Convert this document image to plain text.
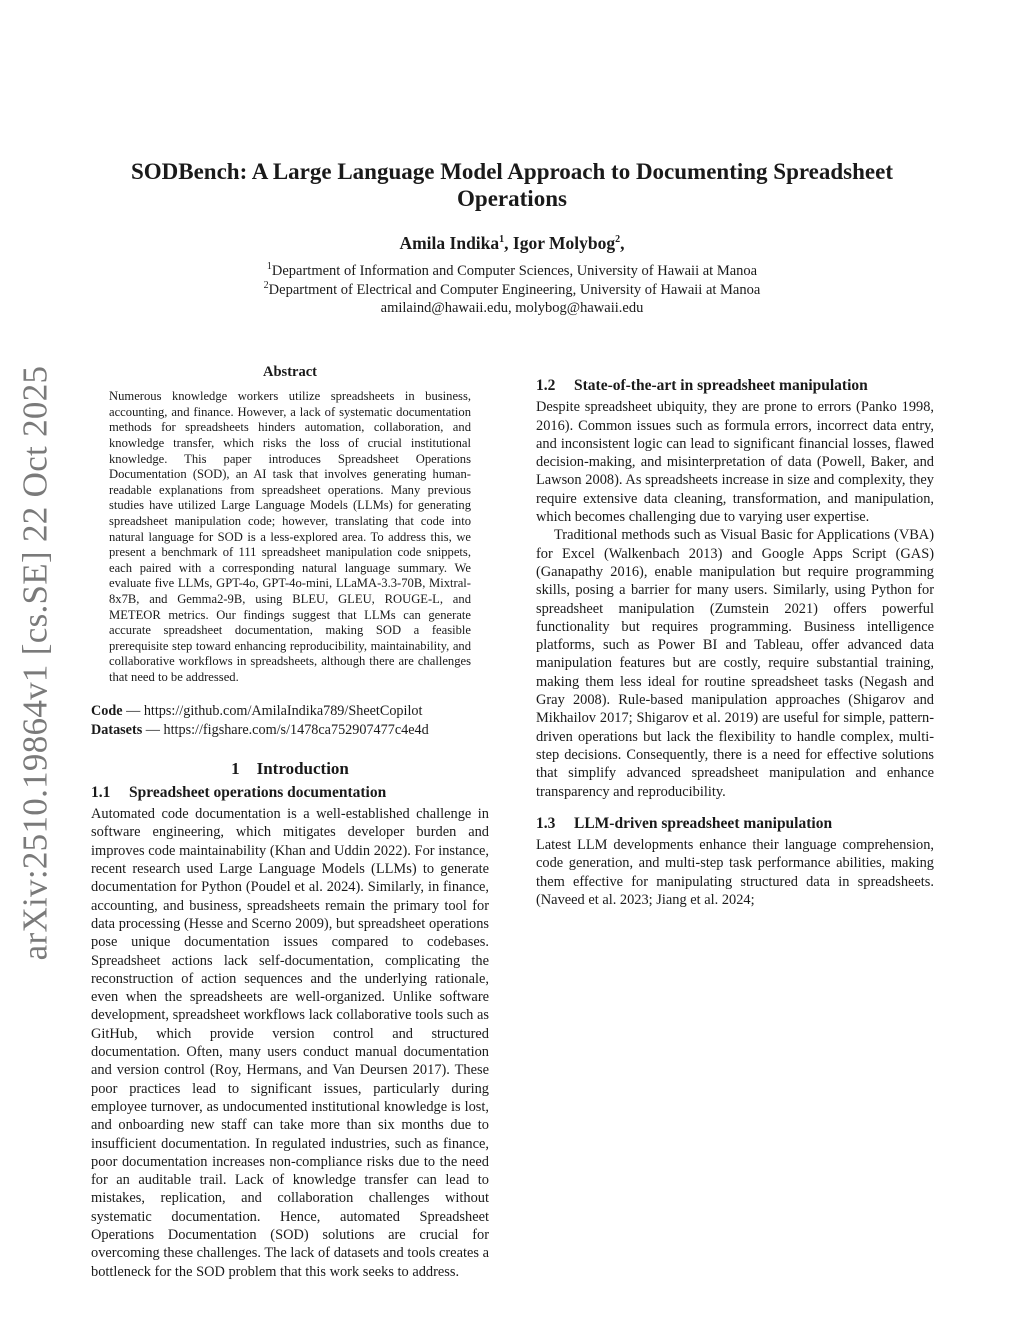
arXiv:2510.19864v1 [cs.SE] 22 Oct 2025
SODBench: A Large Language Model Approach to Documenting Spreadsheet Operations
Amila Indika$^1$, Igor Molybog$^2$,
$^1$Department of Information and Computer Sciences, University of Hawaii at Manoa
$^2$Department of Electrical and Computer Engineering, University of Hawaii at Manoa
amilaind@hawaii.edu, molybog@hawaii.edu
Abstract

Numerous knowledge workers utilize spreadsheets in business, accounting, and finance. However, a lack of systematic documentation methods for spreadsheets hinders automation, collaboration, and knowledge transfer, which risks the loss of crucial institutional knowledge. This paper introduces Spreadsheet Operations Documentation (SOD), an AI task that involves generating human-readable explanations from spreadsheet operations. Many previous studies have utilized Large Language Models (LLMs) for generating spreadsheet manipulation code; however, translating that code into natural language for SOD is a less-explored area. To address this, we present a benchmark of 111 spreadsheet manipulation code snippets, each paired with a corresponding natural language summary. We evaluate five LLMs, GPT-4o, GPT-4o-mini, LLaMA-3.3-70B, Mixtral-8x7B, and Gemma2-9B, using BLEU, GLEU, ROUGE-L, and METEOR metrics. Our findings suggest that LLMs can generate accurate spreadsheet documentation, making SOD a feasible prerequisite step toward enhancing reproducibility, maintainability, and collaborative workflows in spreadsheets, although there are challenges that need to be addressed.

Code — https://github.com/AmilaIndika789/SheetCopilot

Datasets — https://figshare.com/s/1478ca752907477c4e4d

1 Introduction
1.1 Spreadsheet operations documentation

Automated code documentation is a well-established challenge in software engineering, which mitigates developer burden and improves code maintainability (Khan and Uddin 2022). For instance, recent research used Large Language Models (LLMs) to generate documentation for Python (Poudel et al. 2024). Similarly, in finance, accounting, and business, spreadsheets remain the primary tool for data processing (Hesse and Scerno 2009), but spreadsheet operations pose unique documentation issues compared to codebases. Spreadsheet actions lack self-documentation, complicating the reconstruction of action sequences and the underlying rationale, even when the spreadsheets are well-organized. Unlike software development, spreadsheet workflows lack collaborative tools such as GitHub, which provide version control and structured documentation. Often, many users conduct manual documentation and version control (Roy, Hermans, and Van Deursen 2017). These poor practices lead to significant issues, particularly during employee turnover, as undocumented institutional knowledge is lost, and onboarding new staff can take more than six months due to insufficient documentation. In regulated industries, such as finance, poor documentation increases non-compliance risks due to the need for an auditable trail. Lack of knowledge transfer can lead to mistakes, replication, and collaboration challenges without systematic documentation. Hence, automated Spreadsheet Operations Documentation (SOD) solutions are crucial for overcoming these challenges. The lack of datasets and tools creates a bottleneck for the SOD problem that this work seeks to address.

1.2 State-of-the-art in spreadsheet manipulation

Despite spreadsheet ubiquity, they are prone to errors (Panko 1998, 2016). Common issues such as formula errors, incorrect data entry, and inconsistent logic can lead to significant financial losses, flawed decision-making, and misinterpretation of data (Powell, Baker, and Lawson 2008). As spreadsheets increase in size and complexity, they require extensive data cleaning, transformation, and manipulation, which becomes challenging due to varying user expertise.

Traditional methods such as Visual Basic for Applications (VBA) for Excel (Walkenbach 2013) and Google Apps Script (GAS) (Ganapathy 2016), enable manipulation but require programming skills, posing a barrier for many users. Similarly, using Python for spreadsheet manipulation (Zumstein 2021) offers powerful functionality but requires programming. Business intelligence platforms, such as Power BI and Tableau, offer advanced data manipulation features but are costly, require substantial training, making them less ideal for routine spreadsheet tasks (Negash and Gray 2008). Rule-based manipulation approaches (Shigarov and Mikhailov 2017; Shigarov et al. 2019) are useful for simple, pattern-driven operations but lack the flexibility to handle complex, multi-step decisions. Consequently, there is a need for effective solutions that simplify advanced spreadsheet manipulation and enhance transparency and reproducibility.

1.3 LLM-driven spreadsheet manipulation

Latest LLM developments enhance their language comprehension, code generation, and multi-step task performance abilities, making them effective for manipulating structured data in spreadsheets. (Naveed et al. 2023; Jiang et al. 2024;
